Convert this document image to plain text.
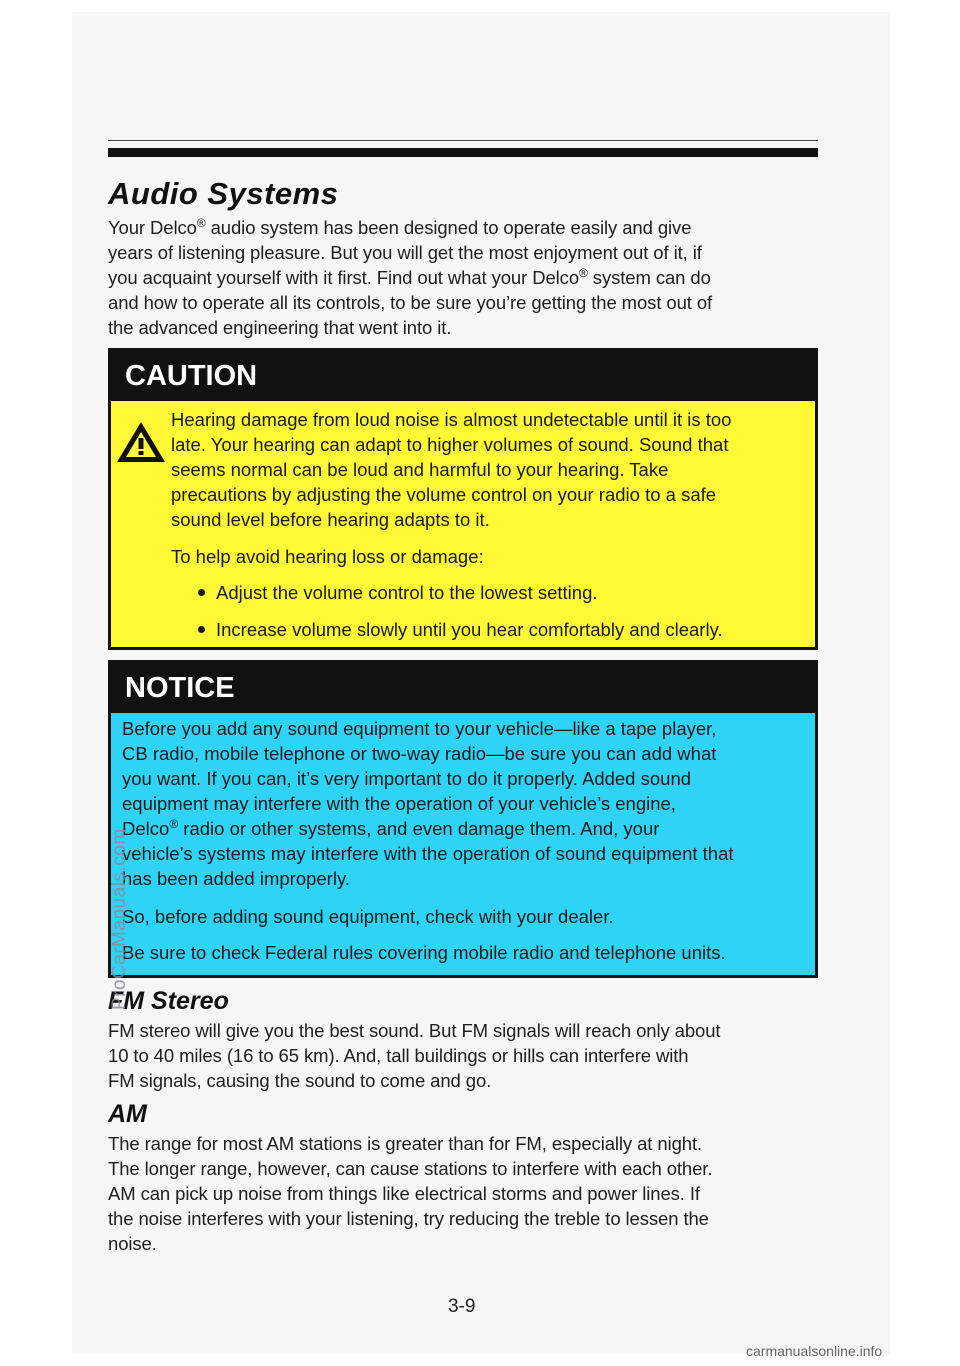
Audio Systems
Your Delco® audio system has been designed to operate easily and give
years of listening pleasure. But you will get the most enjoyment out of it, if
you acquaint yourself with it first. Find out what your Delco® system can do
and how to operate all its controls, to be sure you’re getting the most out of
the advanced engineering that went into it.
CAUTION
Hearing damage from loud noise is almost undetectable until it is too
late. Your hearing can adapt to higher volumes of sound. Sound that
seems normal can be loud and harmful to your hearing. Take
precautions by adjusting the volume control on your radio to a safe
sound level before hearing adapts to it.
To help avoid hearing loss or damage:
Adjust the volume control to the lowest setting.
Increase volume slowly until you hear comfortably and clearly.
NOTICE
Before you add any sound equipment to your vehicle—like a tape player,
CB radio, mobile telephone or two-way radio—be sure you can add what
you want. If you can, it’s very important to do it properly. Added sound
equipment may interfere with the operation of your vehicle’s engine,
Delco® radio or other systems, and even damage them. And, your
vehicle’s systems may interfere with the operation of sound equipment that
has been added improperly.
So, before adding sound equipment, check with your dealer.
Be sure to check Federal rules covering mobile radio and telephone units.
FM Stereo
FM stereo will give you the best sound. But FM signals will reach only about
10 to 40 miles (16 to 65 km). And, tall buildings or hills can interfere with
FM signals, causing the sound to come and go.
AM
The range for most AM stations is greater than for FM, especially at night.
The longer range, however, can cause stations to interfere with each other.
AM can pick up noise from things like electrical storms and power lines. If
the noise interferes with your listening, try reducing the treble to lessen the
noise.
ProCarManuals.com
3-9
carmanualsonline.info
